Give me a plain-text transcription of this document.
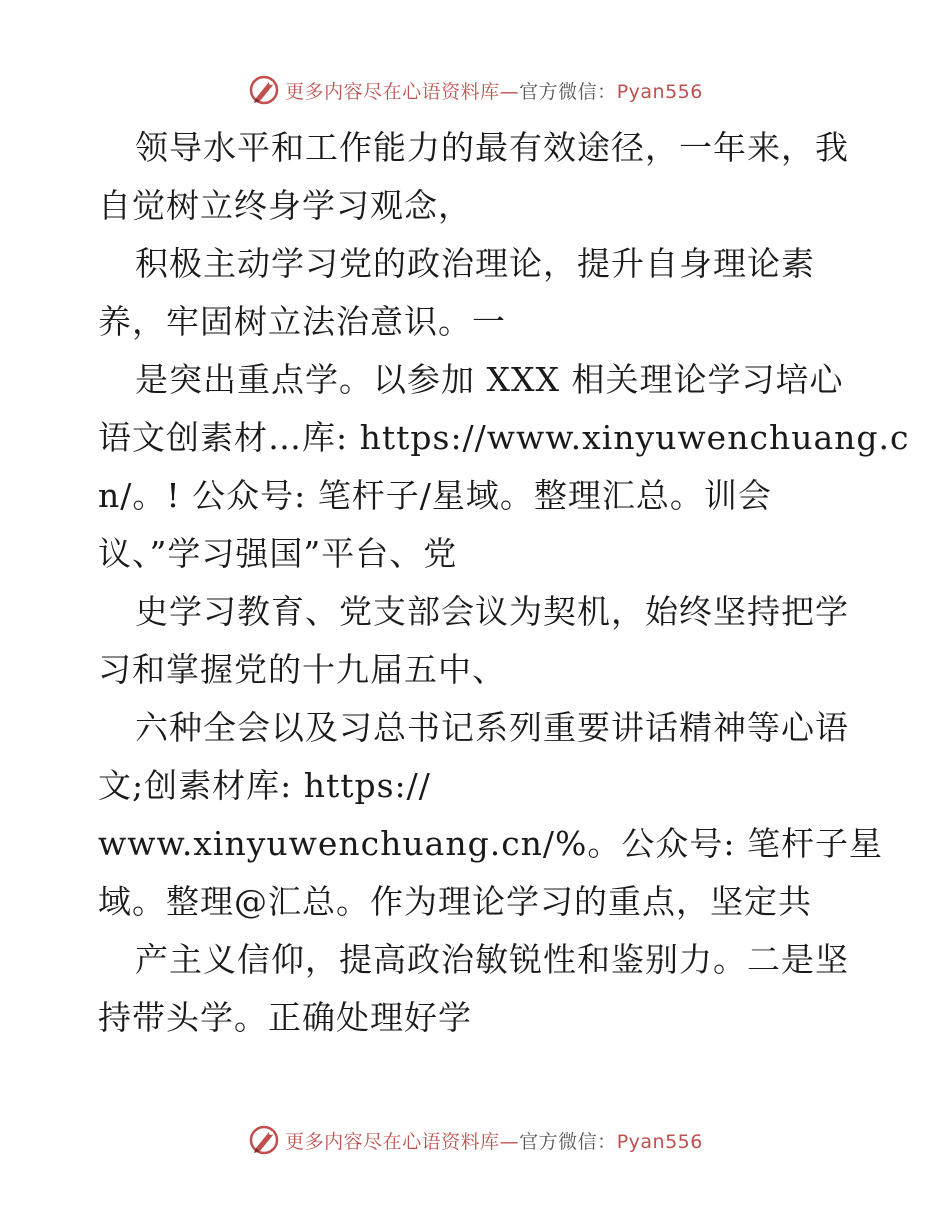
更多内容尽在心语资料库—官方微信：Pyan556
领导水平和工作能力的最有效途径，一年来，我
自觉树立终身学习观念，
积极主动学习党的政治理论，提升自身理论素
养，牢固树立法治意识。一
是突出重点学。以参加 XXX 相关理论学习培心
语文创素材…库: https://www.xinyuwenchuang.c
n/。! 公众号: 笔杆子/星域。整理汇总。训会
议、”学习强国”平台、党
史学习教育、党支部会议为契机，始终坚持把学
习和掌握党的十九届五中、
六种全会以及习总书记系列重要讲话精神等心语
文;创素材库: https://
www.xinyuwenchuang.cn/%。公众号: 笔杆子星
域。整理@汇总。作为理论学习的重点，坚定共
产主义信仰，提高政治敏锐性和鉴别力。二是坚
持带头学。正确处理好学
更多内容尽在心语资料库—官方微信：Pyan556
